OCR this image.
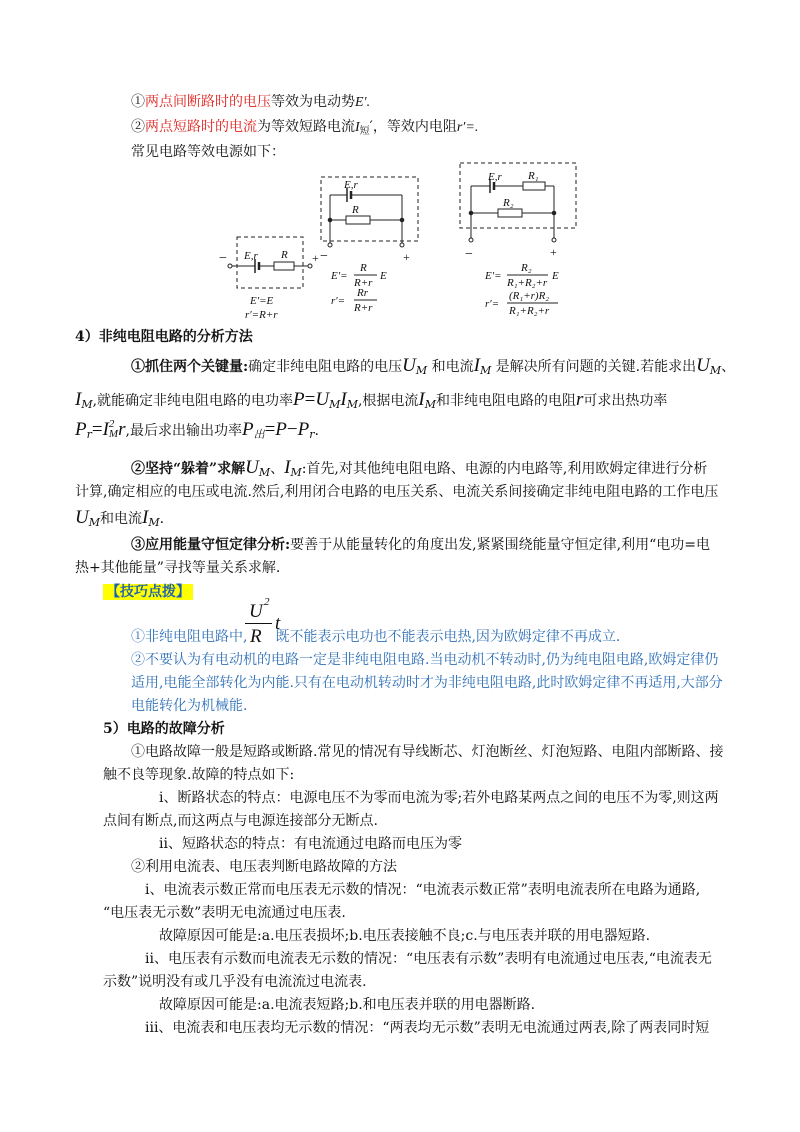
①两点间断路时的电压等效为电动势E′.
②两点短路时的电流为等效短路电流$I_短'$，等效内电阻r′=.
常见电路等效电源如下：
E,r R
−	+
E′=E
r′=R+r
E,r
R
−	+
E′=
R
R+r
E
r′=
Rr
R+r
E,r R₁
R₂
−	+
E′=
R₂
R₁+R₂+r
E
r′=
(R₁+r)R₂
R₁+R₂+r
4）非纯电阻电路的分析方法
①抓住两个关键量:确定非纯电阻电路的电压$U_M$ 和电流$I_M$ 是解决所有问题的关键.若能求出$U_M$、
$I_M$,就能确定非纯电阻电路的电功率$P=U_MI_M$,根据电流$I_M$和非纯电阻电路的电阻r可求出热功率
$P_r=I$ 2
M r,最后求出输出功率$P_出=P-P_r$.
②坚持“躲着”求解$U_M$、$I_M$:首先,对其他纯电阻电路、电源的内电路等,利用欧姆定律进行分析
计算,确定相应的电压或电流.然后,利用闭合电路的电压关系、电流关系间接确定非纯电阻电路的工作电压
$U_M$和电流$I_M$.
③应用能量守恒定律分析:要善于从能量转化的角度出发,紧紧围绕能量守恒定律,利用“电功=电
热+其他能量”寻找等量关系求解.
【技巧点拨】
U 2
R
t
①非纯电阻电路中, 既不能表示电功也不能表示电热,因为欧姆定律不再成立.
②不要认为有电动机的电路一定是非纯电阻电路.当电动机不转动时,仍为纯电阻电路,欧姆定律仍
适用,电能全部转化为内能.只有在电动机转动时才为非纯电阻电路,此时欧姆定律不再适用,大部分
电能转化为机械能.
5）电路的故障分析
①电路故障一般是短路或断路.常见的情况有导线断芯、灯泡断丝、灯泡短路、电阻内部断路、接
触不良等现象.故障的特点如下:
i、断路状态的特点：电源电压不为零而电流为零;若外电路某两点之间的电压不为零,则这两
点间有断点,而这两点与电源连接部分无断点.
ii、短路状态的特点：有电流通过电路而电压为零
②利用电流表、电压表判断电路故障的方法
i、电流表示数正常而电压表无示数的情况：“电流表示数正常”表明电流表所在电路为通路,
“电压表无示数”表明无电流通过电压表.
故障原因可能是:a.电压表损坏;b.电压表接触不良;c.与电压表并联的用电器短路.
ii、电压表有示数而电流表无示数的情况：“电压表有示数”表明有电流通过电压表,“电流表无
示数”说明没有或几乎没有电流流过电流表.
故障原因可能是:a.电流表短路;b.和电压表并联的用电器断路.
iii、电流表和电压表均无示数的情况：“两表均无示数”表明无电流通过两表,除了两表同时短
